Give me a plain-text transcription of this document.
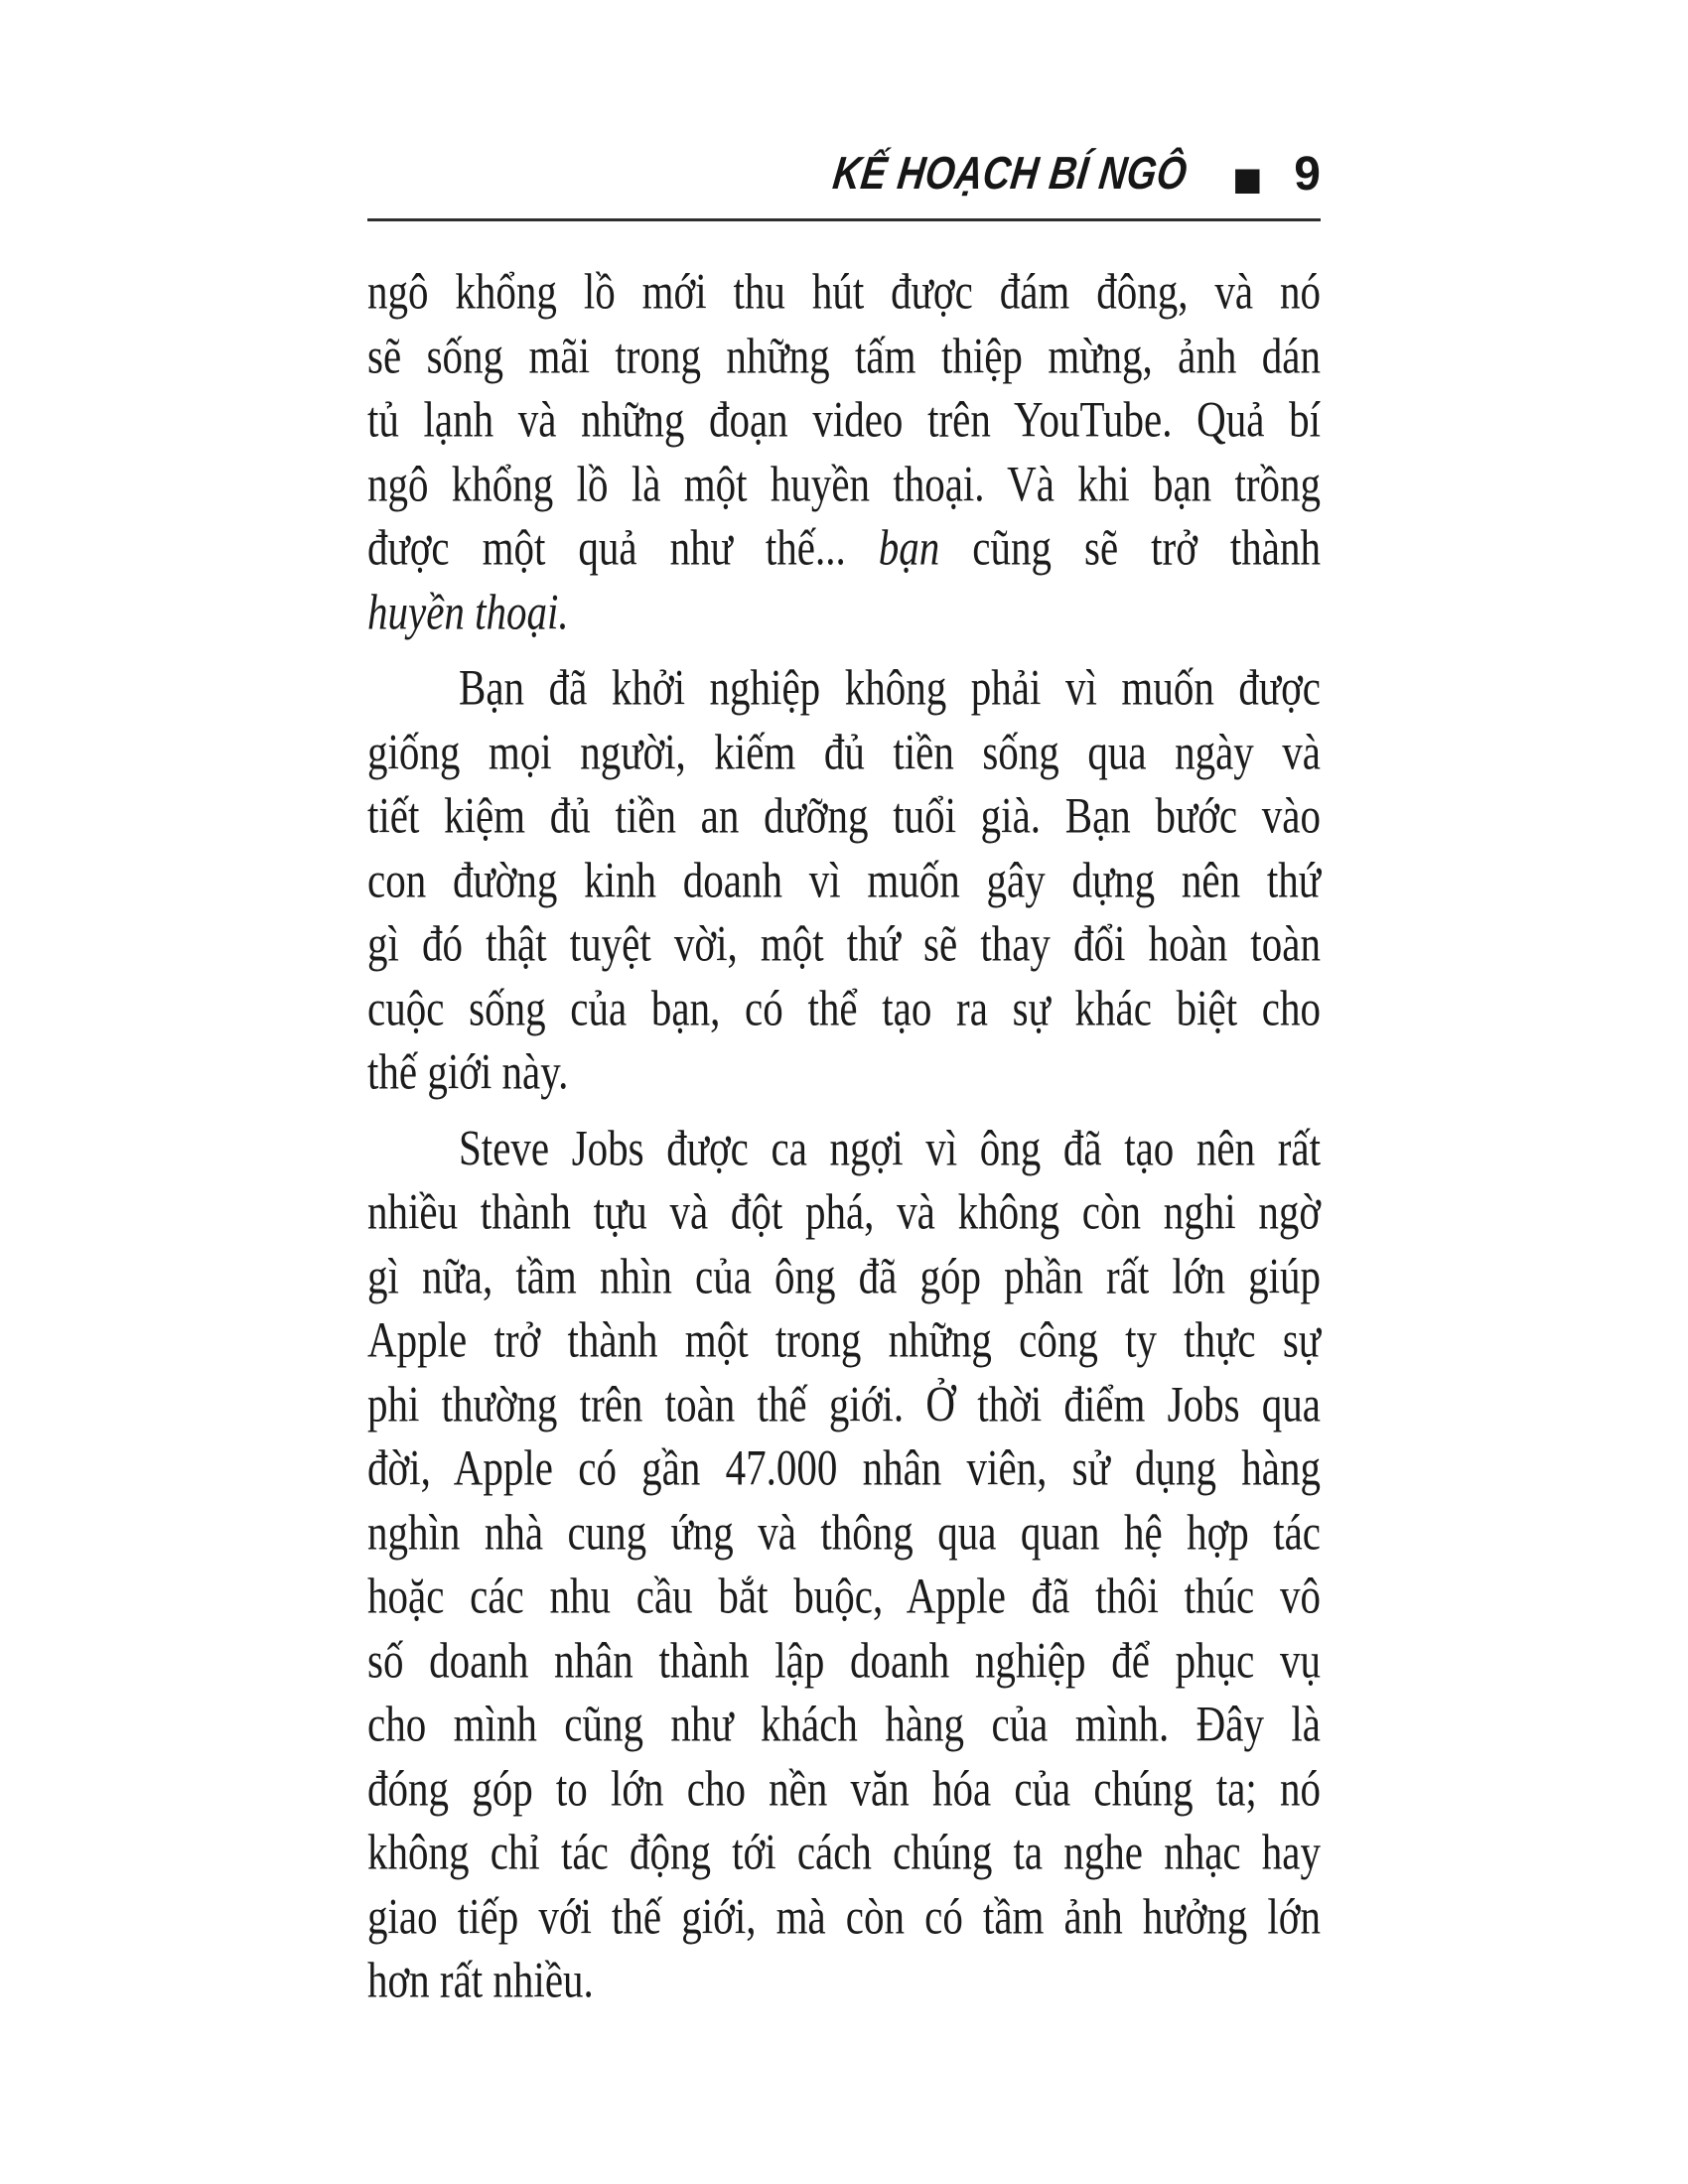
KẾ HOẠCH BÍ NGÔ ■ 9
ngô khổng lồ mới thu hút được đám đông, và nó
sẽ sống mãi trong những tấm thiệp mừng, ảnh dán
tủ lạnh và những đoạn video trên YouTube. Quả bí
ngô khổng lồ là một huyền thoại. Và khi bạn trồng
được một quả như thế... bạn cũng sẽ trở thành
huyền thoại.
Bạn đã khởi nghiệp không phải vì muốn được
giống mọi người, kiếm đủ tiền sống qua ngày và
tiết kiệm đủ tiền an dưỡng tuổi già. Bạn bước vào
con đường kinh doanh vì muốn gây dựng nên thứ
gì đó thật tuyệt vời, một thứ sẽ thay đổi hoàn toàn
cuộc sống của bạn, có thể tạo ra sự khác biệt cho
thế giới này.
Steve Jobs được ca ngợi vì ông đã tạo nên rất
nhiều thành tựu và đột phá, và không còn nghi ngờ
gì nữa, tầm nhìn của ông đã góp phần rất lớn giúp
Apple trở thành một trong những công ty thực sự
phi thường trên toàn thế giới. Ở thời điểm Jobs qua
đời, Apple có gần 47.000 nhân viên, sử dụng hàng
nghìn nhà cung ứng và thông qua quan hệ hợp tác
hoặc các nhu cầu bắt buộc, Apple đã thôi thúc vô
số doanh nhân thành lập doanh nghiệp để phục vụ
cho mình cũng như khách hàng của mình. Đây là
đóng góp to lớn cho nền văn hóa của chúng ta; nó
không chỉ tác động tới cách chúng ta nghe nhạc hay
giao tiếp với thế giới, mà còn có tầm ảnh hưởng lớn
hơn rất nhiều.
